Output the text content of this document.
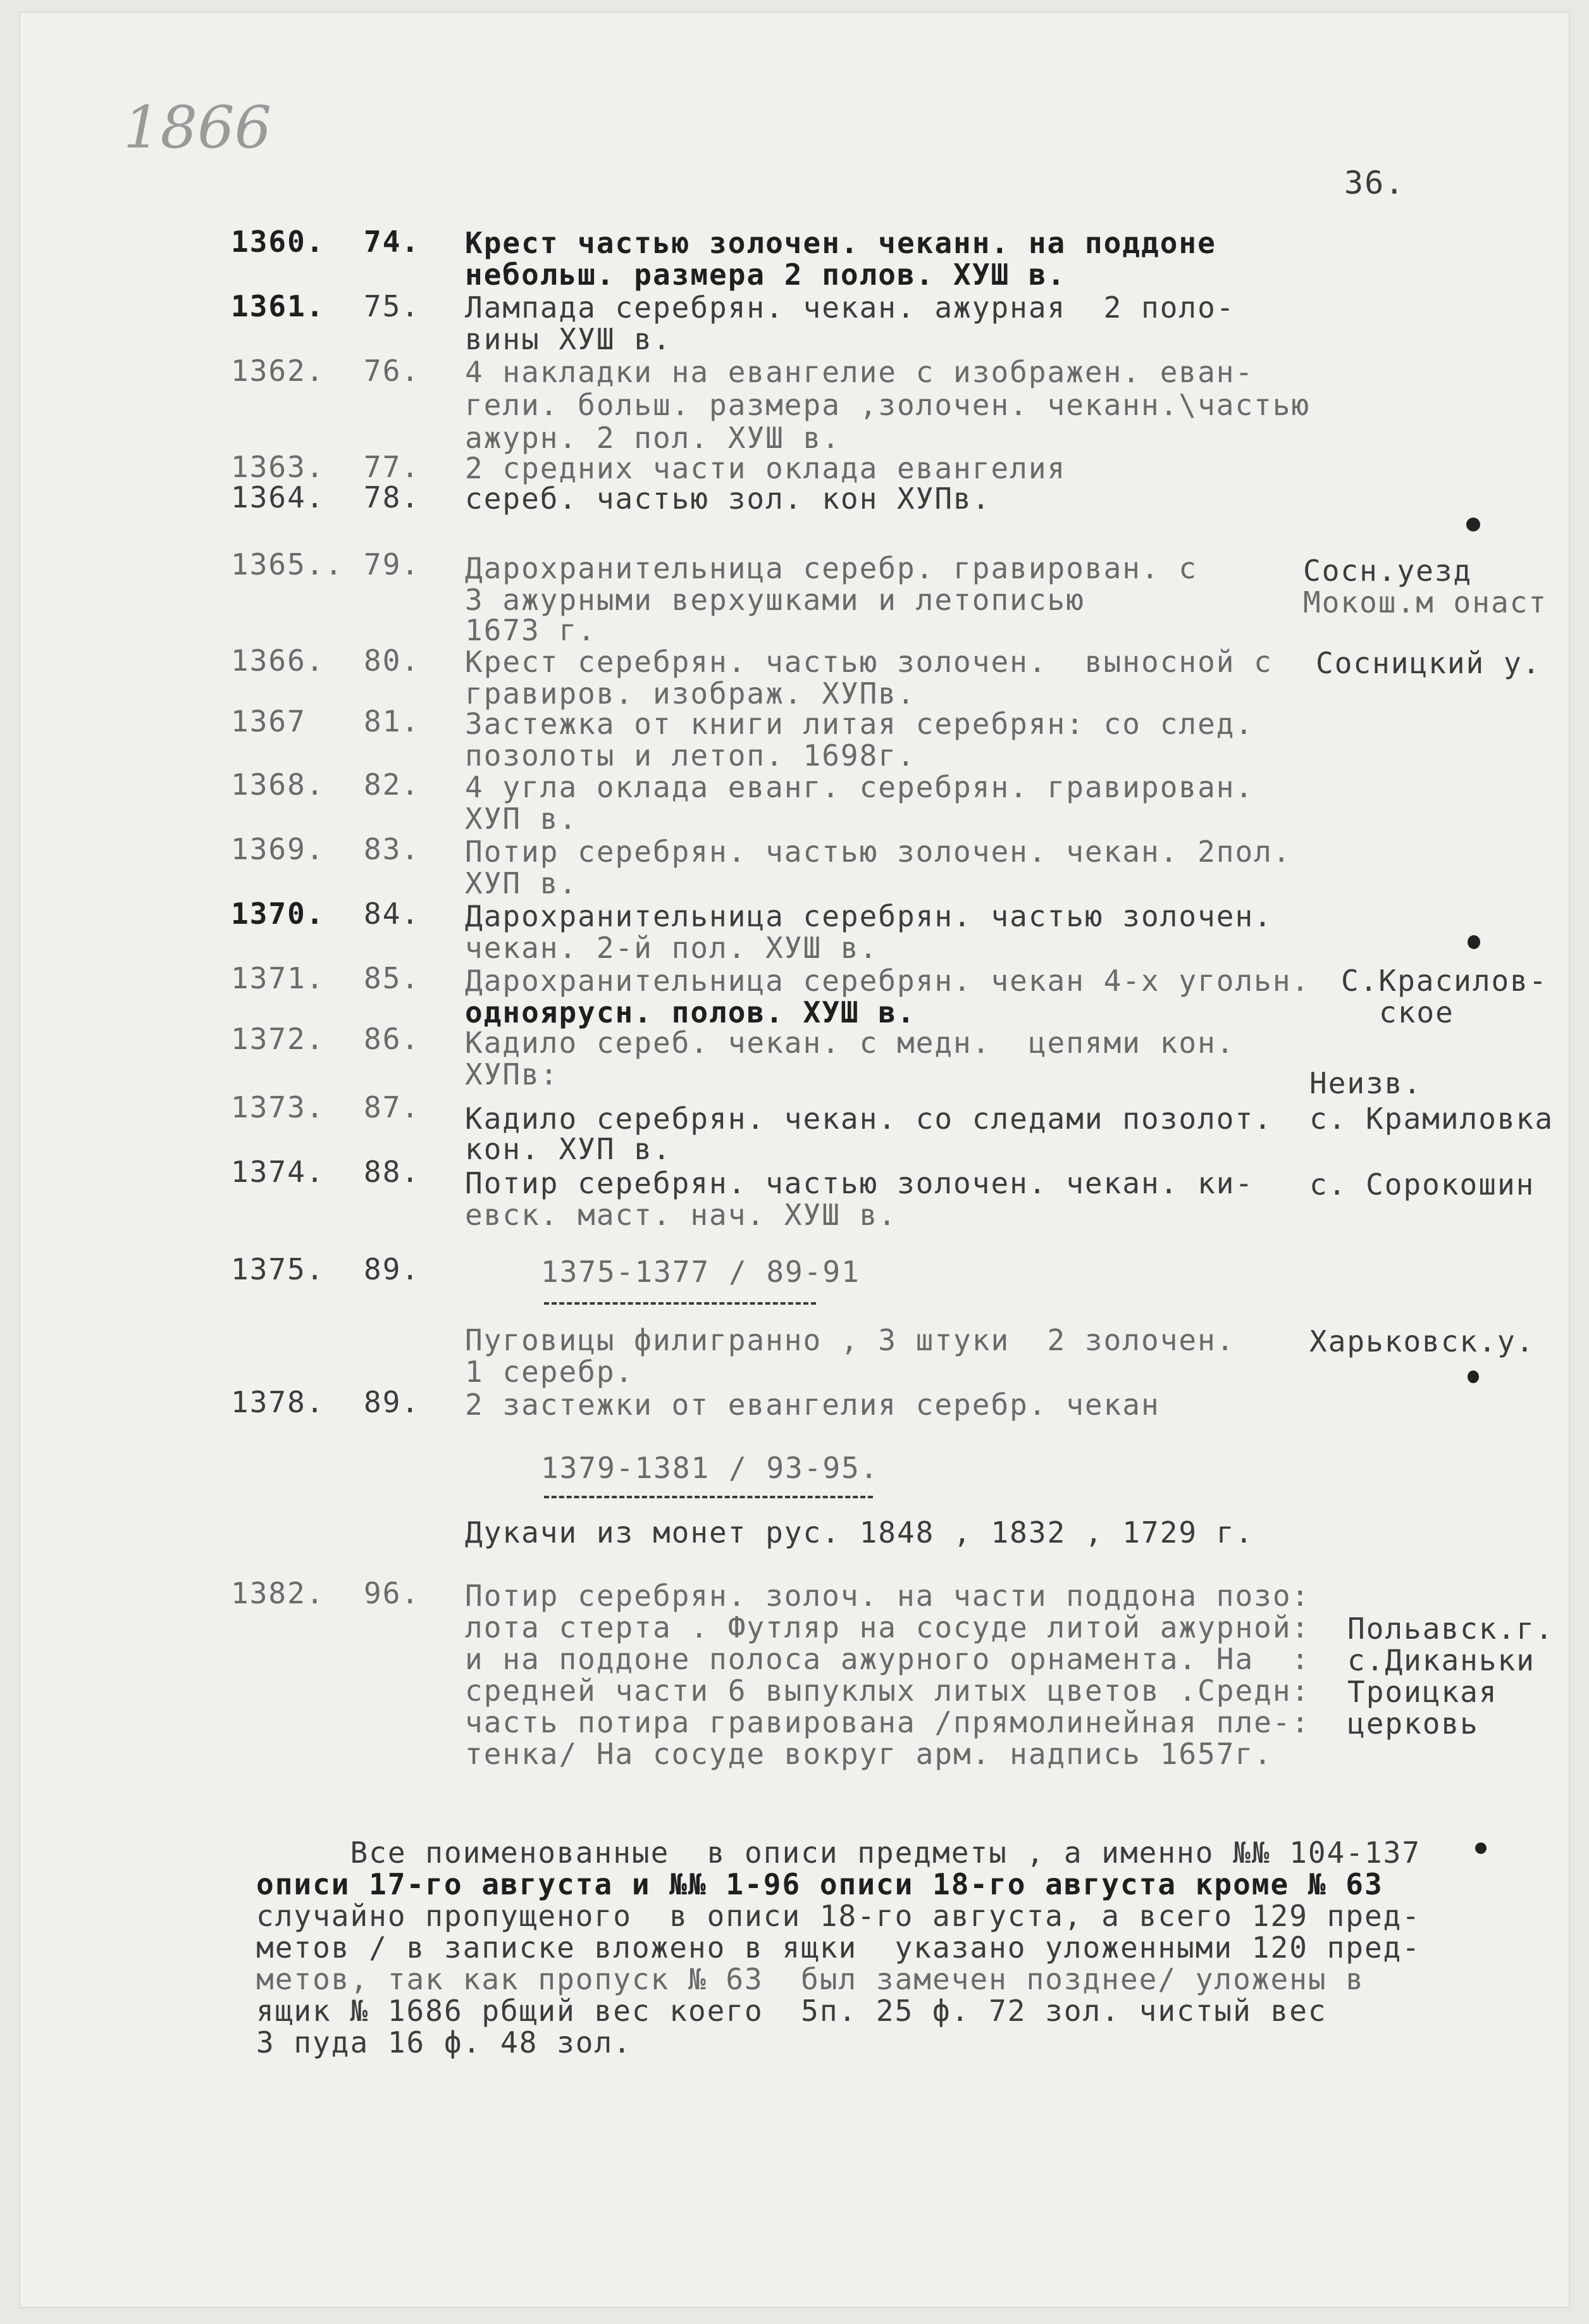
1866
36.
1360. 74. Крест частью золочен. чеканн. на поддоне
небольш. размера 2 полов. ХУШ в.
1361. 75. Лампада серебрян. чекан. ажурная  2 поло-
вины ХУШ в.
1362. 76. 4 накладки на евангелие с изображен. еван-
гели. больш. размера ,золочен. чеканн.\частью
ажурн. 2 пол. ХУШ в.
1363. 77. 2 средних части оклада евангелия
1364. 78. сереб. частью зол. кон ХУПв.
1365.. 79. Дарохранительница серебр. гравирован. с
3 ажурными верхушками и летописью
1673 г.
Сосн.уезд
Мокош.м онаст
1366. 80. Крест серебрян. частью золочен.  выносной с
гравиров. изображ. ХУПв.
Сосницкий у.
1367 81. Застежка от книги литая серебрян: со след.
позолоты и летоп. 1698г.
1368. 82. 4 угла оклада еванг. серебрян. гравирован.
ХУП в.
1369. 83. Потир серебрян. частью золочен. чекан. 2пол.
ХУП в.
1370. 84. Дарохранительница серебрян. частью золочен.
чекан. 2-й пол. ХУШ в.
1371. 85. Дарохранительница серебрян. чекан 4-х угольн.
одноярусн. полов. ХУШ в.
С.Красилов-
ское
1372. 86. Кадило сереб. чекан. с медн.  цепями кон.
ХУПв:	Неизв.
1373. 87. Кадило серебрян. чекан. со следами позолот.
кон. ХУП в.
с. Крамиловка
1374. 88. Потир серебрян. частью золочен. чекан. ки-
евск. маст. нач. ХУШ в.
с. Сорокошин
1375. 89.	1375-1377 / 89-91
Пуговицы филигранно , 3 штуки  2 золочен.
1 серебр.
Харьковск.у.
1378. 89. 2 застежки от евангелия серебр. чекан
1379-1381 / 93-95.
Дукачи из монет рус. 1848 , 1832 , 1729 г.
1382. 96. Потир серебрян. золоч. на части поддона позо:
лота стерта . Футляр на сосуде литой ажурной:
и на поддоне полоса ажурного орнамента. На  :
средней части 6 выпуклых литых цветов .Средн:
часть потира гравирована /прямолинейная пле-:
тенка/ На сосуде вокруг арм. надпись 1657г.
Польавск.г.
с.Диканьки
Троицкая
церковь
Все поименованные  в описи предметы , а именно №№ 104-137
описи 17-го августа и №№ 1-96 описи 18-го августа кроме № 63
случайно пропущеного  в описи 18-го августа, а всего 129 пред-
метов / в записке вложено в ящки  указано уложенными 120 пред-
метов, так как пропуск № 63  был замечен позднее/ уложены в
ящик № 1686 рбщий вес коего  5п. 25 ф. 72 зол. чистый вес
3 пуда 16 ф. 48 зол.
